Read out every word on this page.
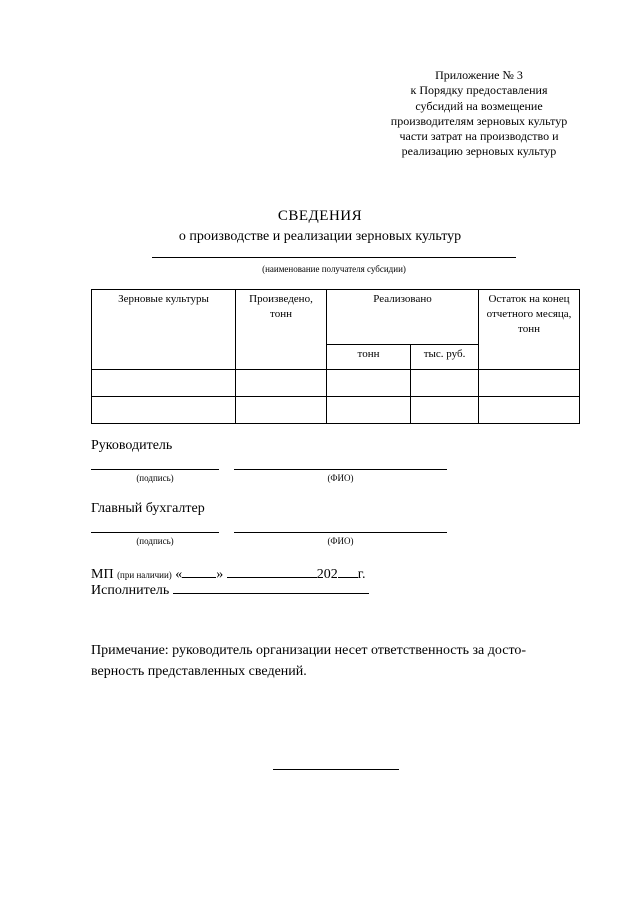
Приложение № 3
к Порядку предоставления
субсидий на возмещение
производителям зерновых культур
части затрат на производство и
реализацию зерновых культур
СВЕДЕНИЯ
о производстве и реализации зерновых культур
(наименование получателя субсидии)
Зерновые культуры	Произведено, тонн	Реализовано		Остаток на конец отчетного месяца, тонн
		тонн	тыс. руб.	

Руководитель
(подпись)	(ФИО)
Главный бухгалтер
(подпись)	(ФИО)
МП (при наличии) « »	202 г.
Исполнитель
Примечание: руководитель организации несет ответственность за досто-верность представленных сведений.
